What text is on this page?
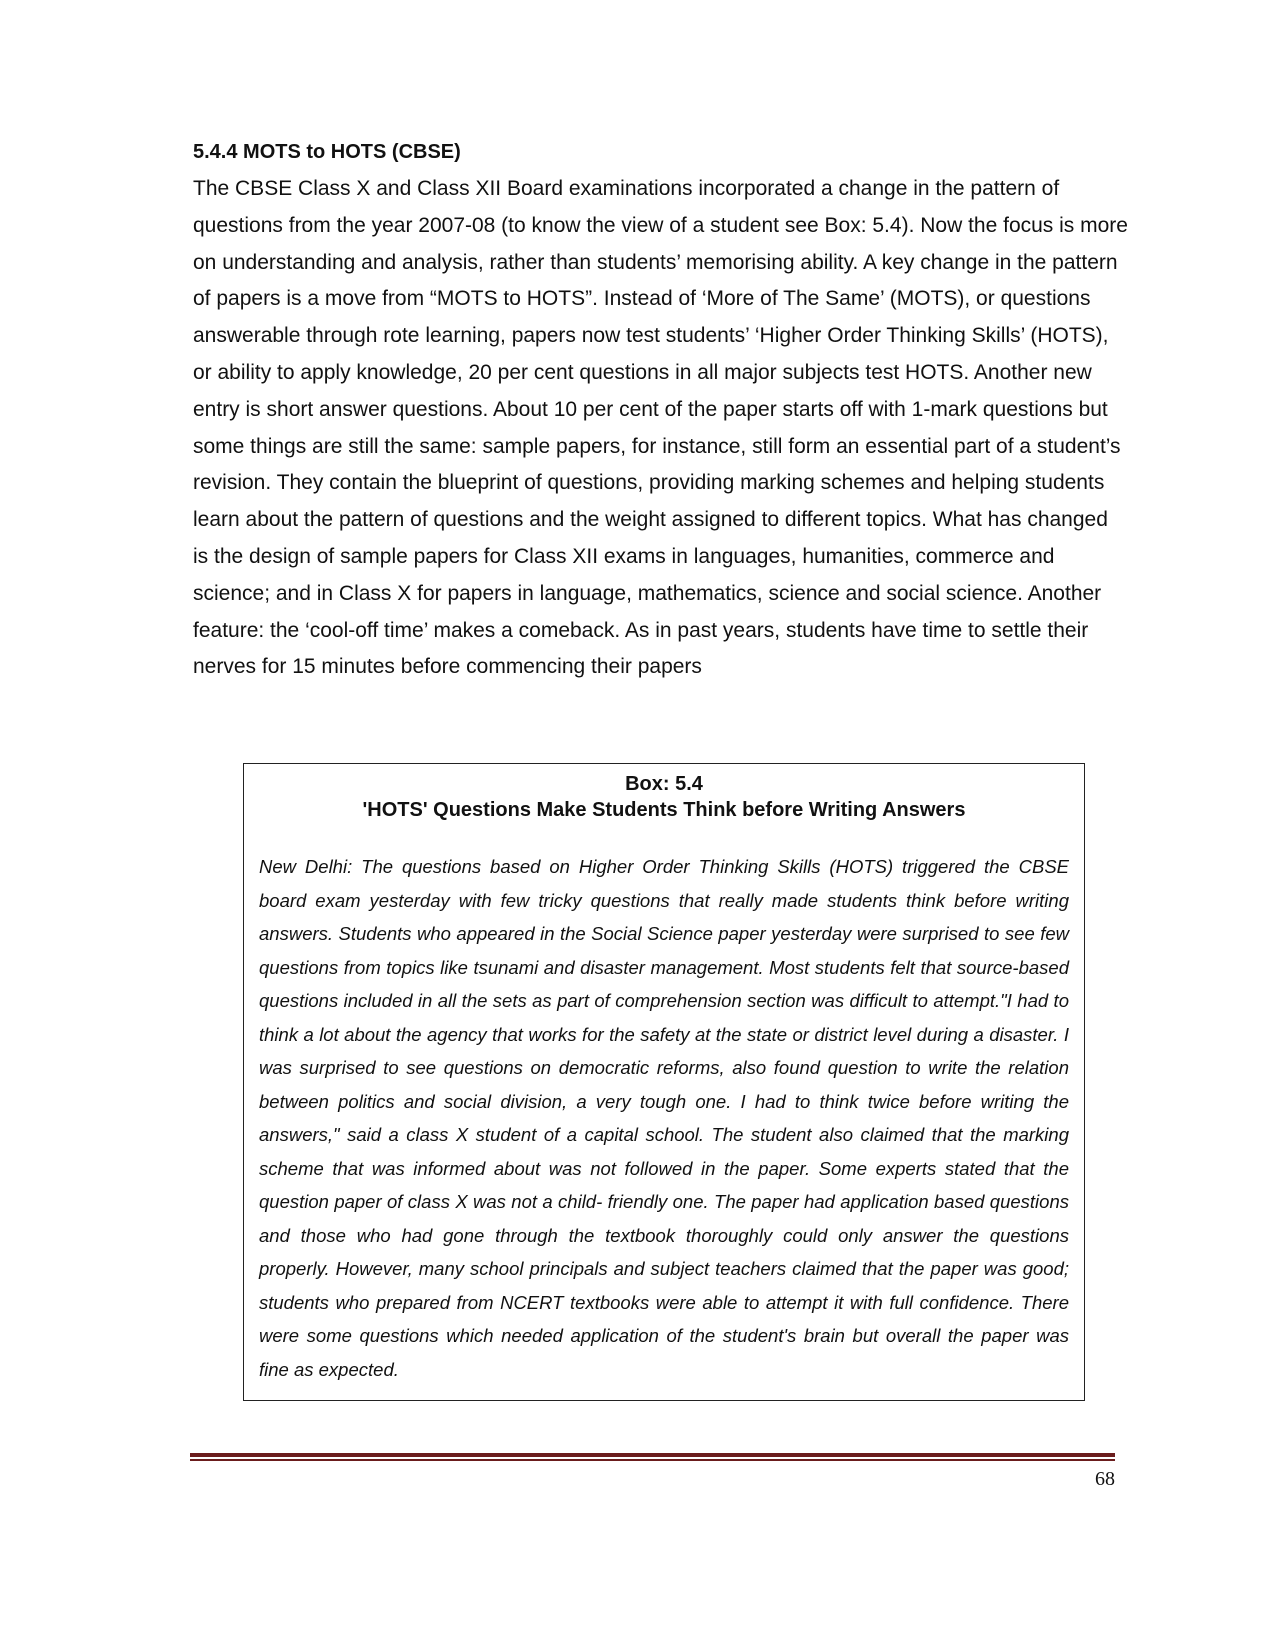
5.4.4 MOTS to HOTS (CBSE)

The CBSE Class X and Class XII Board examinations incorporated a change in the pattern of questions from the year 2007-08 (to know the view of a student see Box: 5.4). Now the focus is more on understanding and analysis, rather than students’ memorising ability. A key change in the pattern of papers is a move from “MOTS to HOTS”. Instead of ‘More of The Same’ (MOTS), or questions answerable through rote learning, papers now test students’ ‘Higher Order Thinking Skills’ (HOTS), or ability to apply knowledge, 20 per cent questions in all major subjects test HOTS. Another new entry is short answer questions. About 10 per cent of the paper starts off with 1-mark questions but some things are still the same: sample papers, for instance, still form an essential part of a student’s revision. They contain the blueprint of questions, providing marking schemes and helping students learn about the pattern of questions and the weight assigned to different topics. What has changed is the design of sample papers for Class XII exams in languages, humanities, commerce and science; and in Class X for papers in language, mathematics, science and social science. Another feature: the ‘cool-off time’ makes a comeback. As in past years, students have time to settle their nerves for 15 minutes before commencing their papers

Box: 5.4

'HOTS' Questions Make Students Think before Writing Answers

New Delhi: The questions based on Higher Order Thinking Skills (HOTS) triggered the CBSE board exam yesterday with few tricky questions that really made students think before writing answers. Students who appeared in the Social Science paper yesterday were surprised to see few questions from topics like tsunami and disaster management. Most students felt that source-based questions included in all the sets as part of comprehension section was difficult to attempt."I had to think a lot about the agency that works for the safety at the state or district level during a disaster. I was surprised to see questions on democratic reforms, also found question to write the relation between politics and social division, a very tough one. I had to think twice before writing the answers," said a class X student of a capital school. The student also claimed that the marking scheme that was informed about was not followed in the paper. Some experts stated that the question paper of class X was not a child- friendly one. The paper had application based questions and those who had gone through the textbook thoroughly could only answer the questions properly. However, many school principals and subject teachers claimed that the paper was good; students who prepared from NCERT textbooks were able to attempt it with full confidence. There were some questions which needed application of the student's brain but overall the paper was fine as expected.

68
